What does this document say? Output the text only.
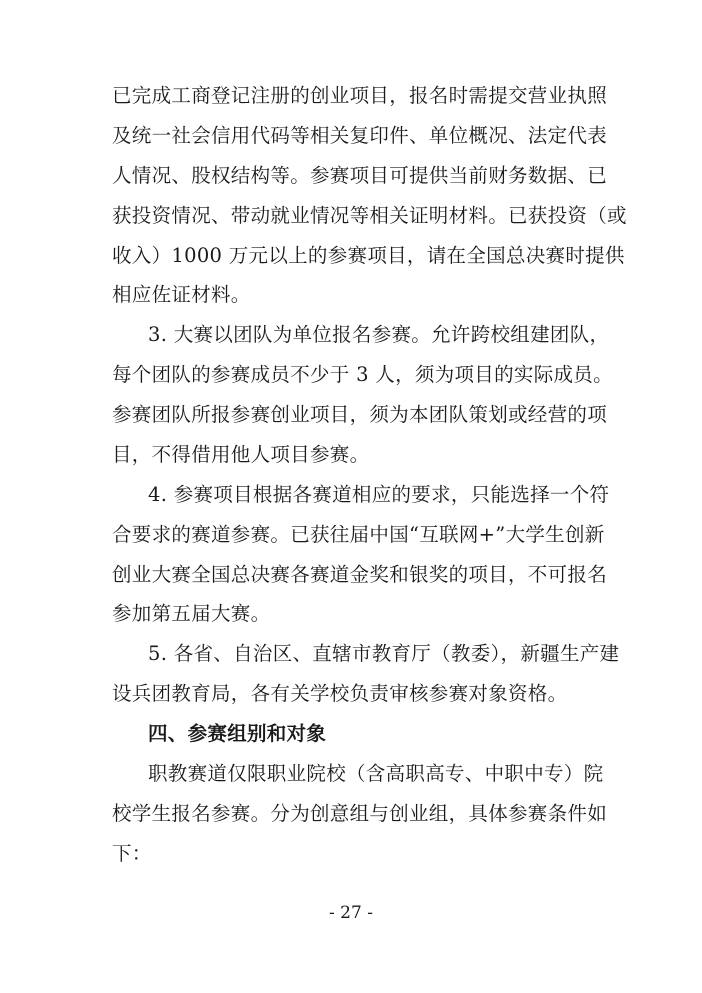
已完成工商登记注册的创业项目，报名时需提交营业执照
及统一社会信用代码等相关复印件、单位概况、法定代表
人情况、股权结构等。参赛项目可提供当前财务数据、已
获投资情况、带动就业情况等相关证明材料。已获投资（或
收入）1000 万元以上的参赛项目，请在全国总决赛时提供
相应佐证材料。
3. 大赛以团队为单位报名参赛。允许跨校组建团队，
每个团队的参赛成员不少于 3 人，须为项目的实际成员。
参赛团队所报参赛创业项目，须为本团队策划或经营的项
目，不得借用他人项目参赛。
4. 参赛项目根据各赛道相应的要求，只能选择一个符
合要求的赛道参赛。已获往届中国“互联网+”大学生创新
创业大赛全国总决赛各赛道金奖和银奖的项目，不可报名
参加第五届大赛。
5. 各省、自治区、直辖市教育厅（教委），新疆生产建
设兵团教育局，各有关学校负责审核参赛对象资格。
四、参赛组别和对象
职教赛道仅限职业院校（含高职高专、中职中专）院
校学生报名参赛。分为创意组与创业组，具体参赛条件如
下：
- 27 -
